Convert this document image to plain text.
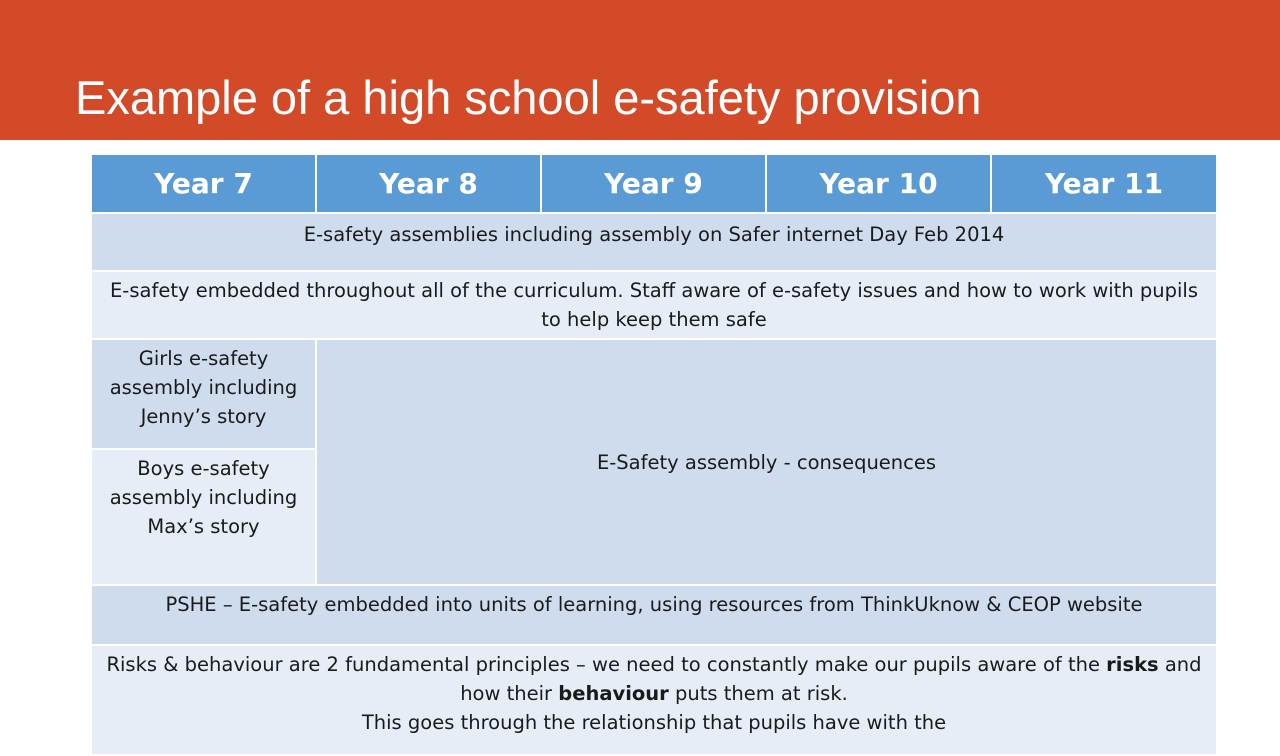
Example of a high school e-safety provision
Year 7	Year 8	Year 9	Year 10	Year 11
E-safety assemblies including assembly on Safer internet Day Feb 2014				
E-safety embedded throughout all of the curriculum. Staff aware of e-safety issues and how to work with pupils to help keep them safe				
Girls e-safety assembly including Jenny’s story	E-Safety assembly - consequences			
Boys e-safety assembly including Max’s story				
PSHE – E-safety embedded into units of learning, using resources from ThinkUknow & CEOP website				
Risks & behaviour are 2 fundamental principles – we need to constantly make our pupils aware of the risks and how their behaviour puts them at risk.
This goes through the relationship that pupils have with the				
